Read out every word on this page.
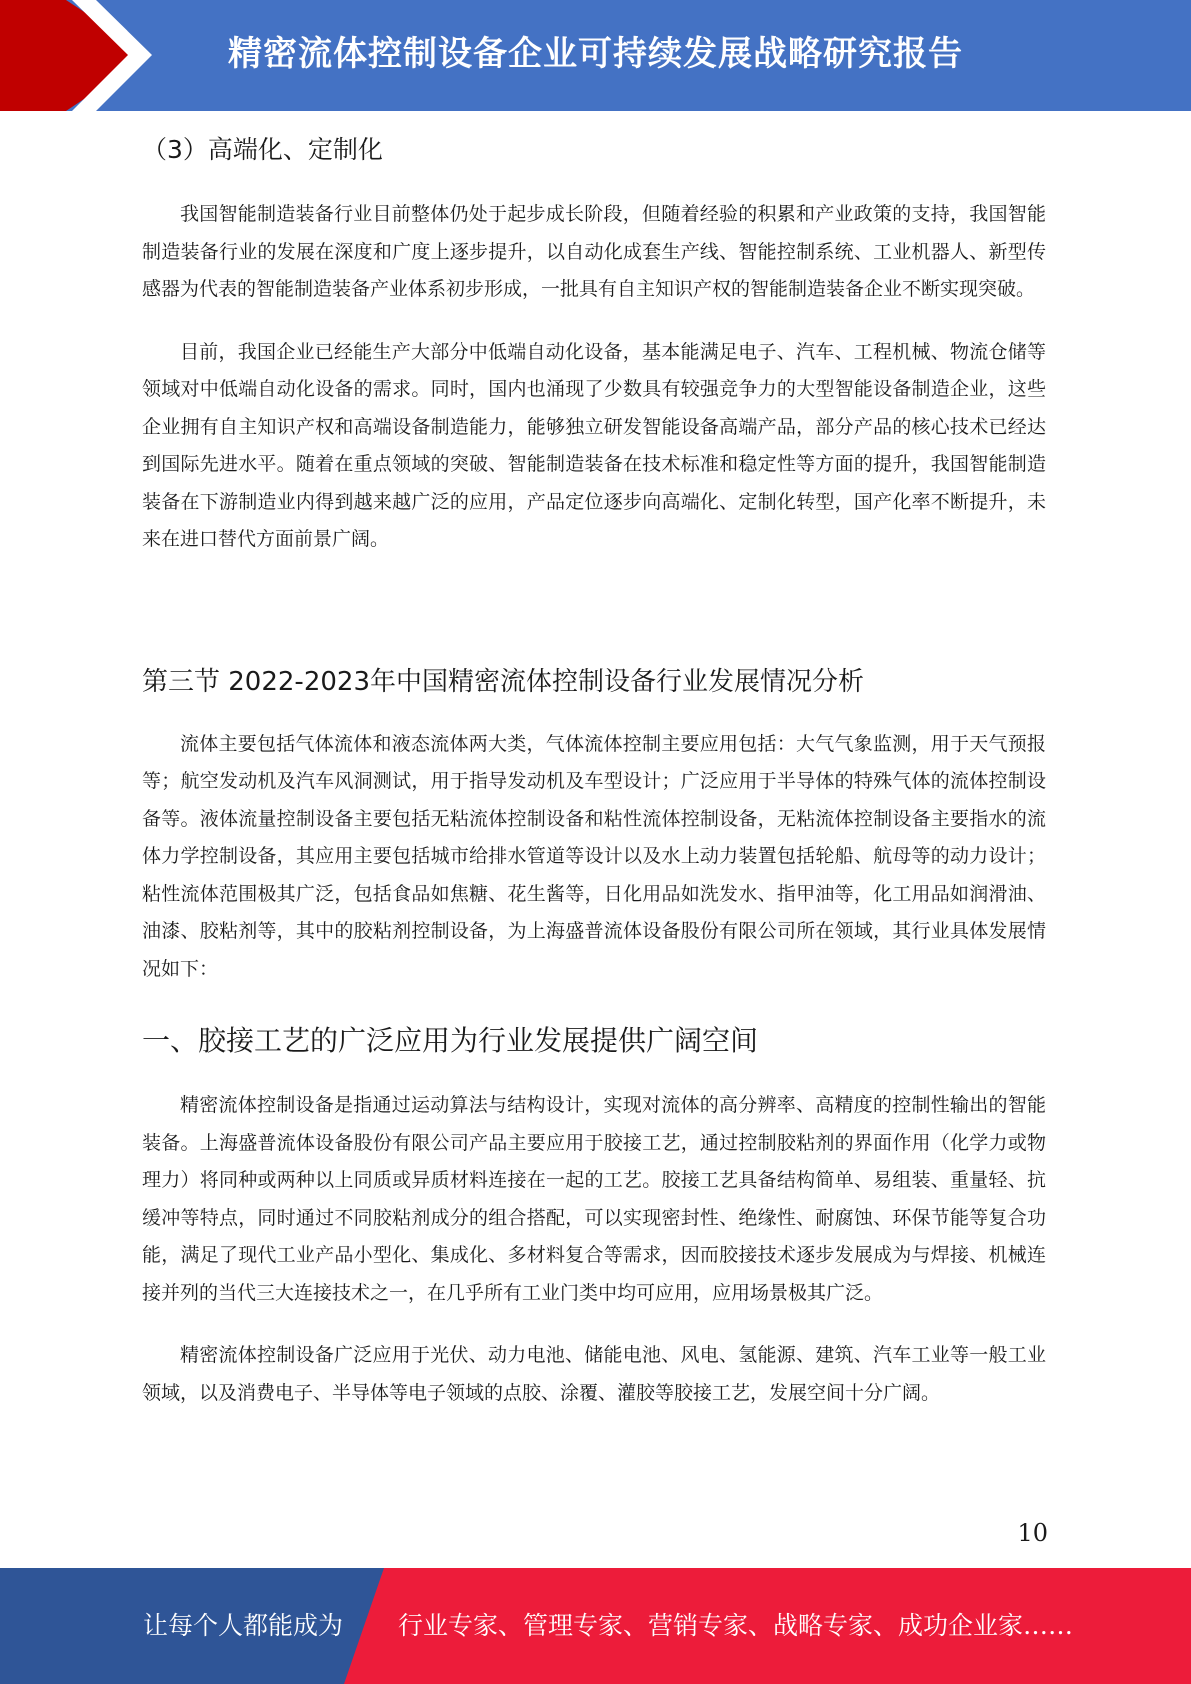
精密流体控制设备企业可持续发展战略研究报告
（3）高端化、定制化

我国智能制造装备行业目前整体仍处于起步成长阶段，但随着经验的积累和产业政策的支持，我国智能制造装备行业的发展在深度和广度上逐步提升，以自动化成套生产线、智能控制系统、工业机器人、新型传感器为代表的智能制造装备产业体系初步形成，一批具有自主知识产权的智能制造装备企业不断实现突破。

目前，我国企业已经能生产大部分中低端自动化设备，基本能满足电子、汽车、工程机械、物流仓储等领域对中低端自动化设备的需求。同时，国内也涌现了少数具有较强竞争力的大型智能设备制造企业，这些企业拥有自主知识产权和高端设备制造能力，能够独立研发智能设备高端产品，部分产品的核心技术已经达到国际先进水平。随着在重点领域的突破、智能制造装备在技术标准和稳定性等方面的提升，我国智能制造装备在下游制造业内得到越来越广泛的应用，产品定位逐步向高端化、定制化转型，国产化率不断提升，未来在进口替代方面前景广阔。

第三节 2022-2023年中国精密流体控制设备行业发展情况分析

流体主要包括气体流体和液态流体两大类，气体流体控制主要应用包括：大气气象监测，用于天气预报等；航空发动机及汽车风洞测试，用于指导发动机及车型设计；广泛应用于半导体的特殊气体的流体控制设备等。液体流量控制设备主要包括无粘流体控制设备和粘性流体控制设备，无粘流体控制设备主要指水的流体力学控制设备，其应用主要包括城市给排水管道等设计以及水上动力装置包括轮船、航母等的动力设计；粘性流体范围极其广泛，包括食品如焦糖、花生酱等，日化用品如洗发水、指甲油等，化工用品如润滑油、油漆、胶粘剂等，其中的胶粘剂控制设备，为上海盛普流体设备股份有限公司所在领域，其行业具体发展情况如下：

一、胶接工艺的广泛应用为行业发展提供广阔空间

精密流体控制设备是指通过运动算法与结构设计，实现对流体的高分辨率、高精度的控制性输出的智能装备。上海盛普流体设备股份有限公司产品主要应用于胶接工艺，通过控制胶粘剂的界面作用（化学力或物理力）将同种或两种以上同质或异质材料连接在一起的工艺。胶接工艺具备结构简单、易组装、重量轻、抗缓冲等特点，同时通过不同胶粘剂成分的组合搭配，可以实现密封性、绝缘性、耐腐蚀、环保节能等复合功能，满足了现代工业产品小型化、集成化、多材料复合等需求，因而胶接技术逐步发展成为与焊接、机械连接并列的当代三大连接技术之一，在几乎所有工业门类中均可应用，应用场景极其广泛。

精密流体控制设备广泛应用于光伏、动力电池、储能电池、风电、氢能源、建筑、汽车工业等一般工业领域，以及消费电子、半导体等电子领域的点胶、涂覆、灌胶等胶接工艺，发展空间十分广阔。

10
让每个人都能成为 行业专家、管理专家、营销专家、战略专家、成功企业家……
